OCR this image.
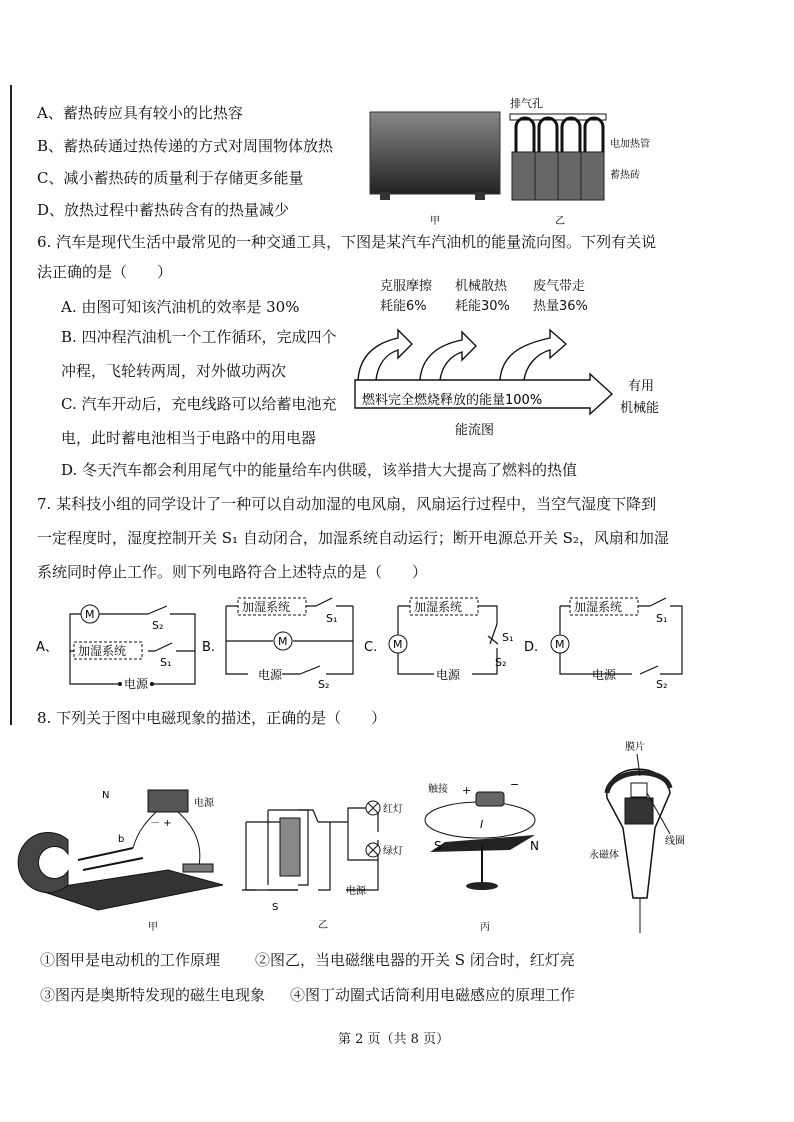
A、蓄热砖应具有较小的比热容
B、蓄热砖通过热传递的方式对周围物体放热
C、减小蓄热砖的质量利于存储更多能量
D、放热过程中蓄热砖含有的热量减少
排气孔
电加热管
蓄热砖
甲	乙
6. 汽车是现代生活中最常见的一种交通工具，下图是某汽车汽油机的能量流向图。下列有关说
法正确的是（　　）
A. 由图可知该汽油机的效率是 30%
B. 四冲程汽油机一个工作循环，完成四个
冲程，飞轮转两周，对外做功两次
C. 汽车开动后，充电线路可以给蓄电池充
电，此时蓄电池相当于电路中的用电器
D. 冬天汽车都会利用尾气中的能量给车内供暖，该举措大大提高了燃料的热值
克服摩擦
耗能6%
机械散热
耗能30%
废气带走
热量36%
燃料完全燃烧释放的能量100%
有用
机械能
能流图
7. 某科技小组的同学设计了一种可以自动加湿的电风扇，风扇运行过程中，当空气湿度下降到
一定程度时，湿度控制开关 S₁ 自动闭合，加湿系统自动运行；断开电源总开关 S₂，风扇和加湿
系统同时停止工作。则下列电路符合上述特点的是（　　）
A、
M
加湿系统
S₂
S₁
电源
B.
加湿系统
M
S₁
S₂
电源
C. M
加湿系统
S₁
S₂
电源
D. M
加湿系统
S₁
S₂
电源
8. 下列关于图中电磁现象的描述，正确的是（　　）
电源
N
b
－ +
甲
红灯
绿灯
电源
S
乙
触接 +	−
I
S	N
丙
膜片
永磁体
线圈
①图甲是电动机的工作原理 ②图乙，当电磁继电器的开关 S 闭合时，红灯亮
③图丙是奥斯特发现的磁生电现象 ④图丁动圈式话筒利用电磁感应的原理工作
第 2 页（共 8 页）
